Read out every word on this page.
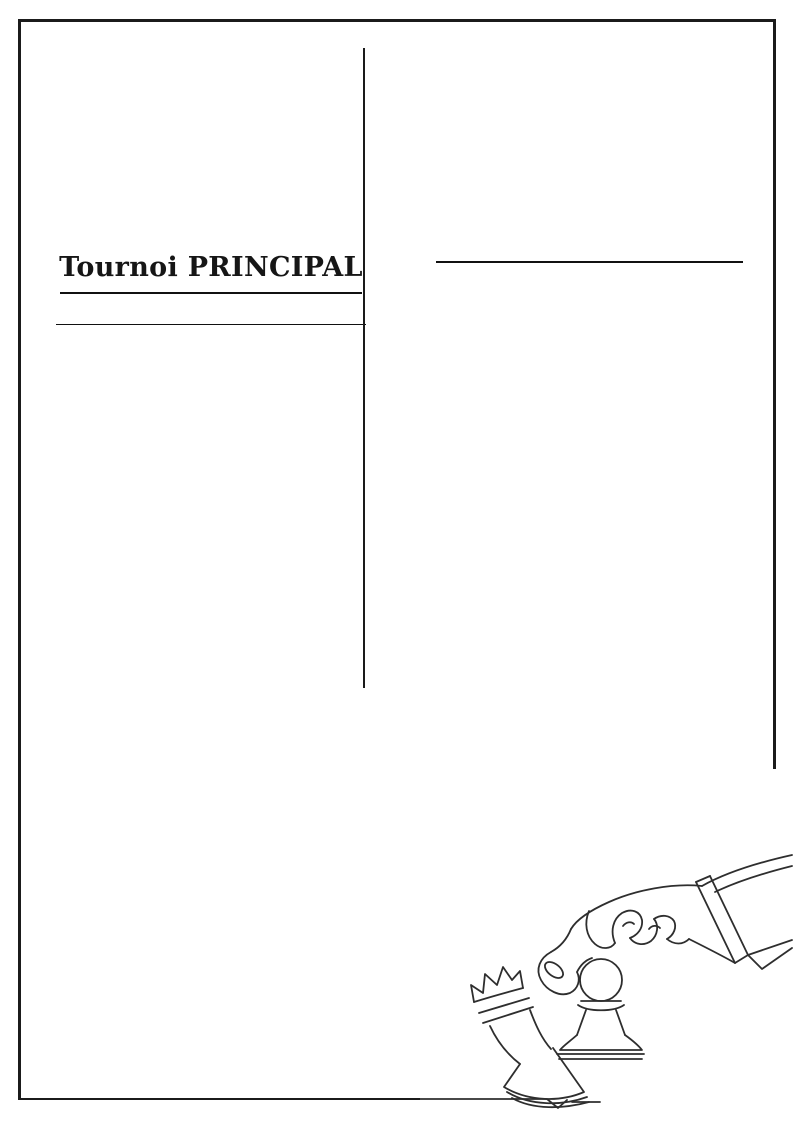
Tournoi PRINCIPAL
